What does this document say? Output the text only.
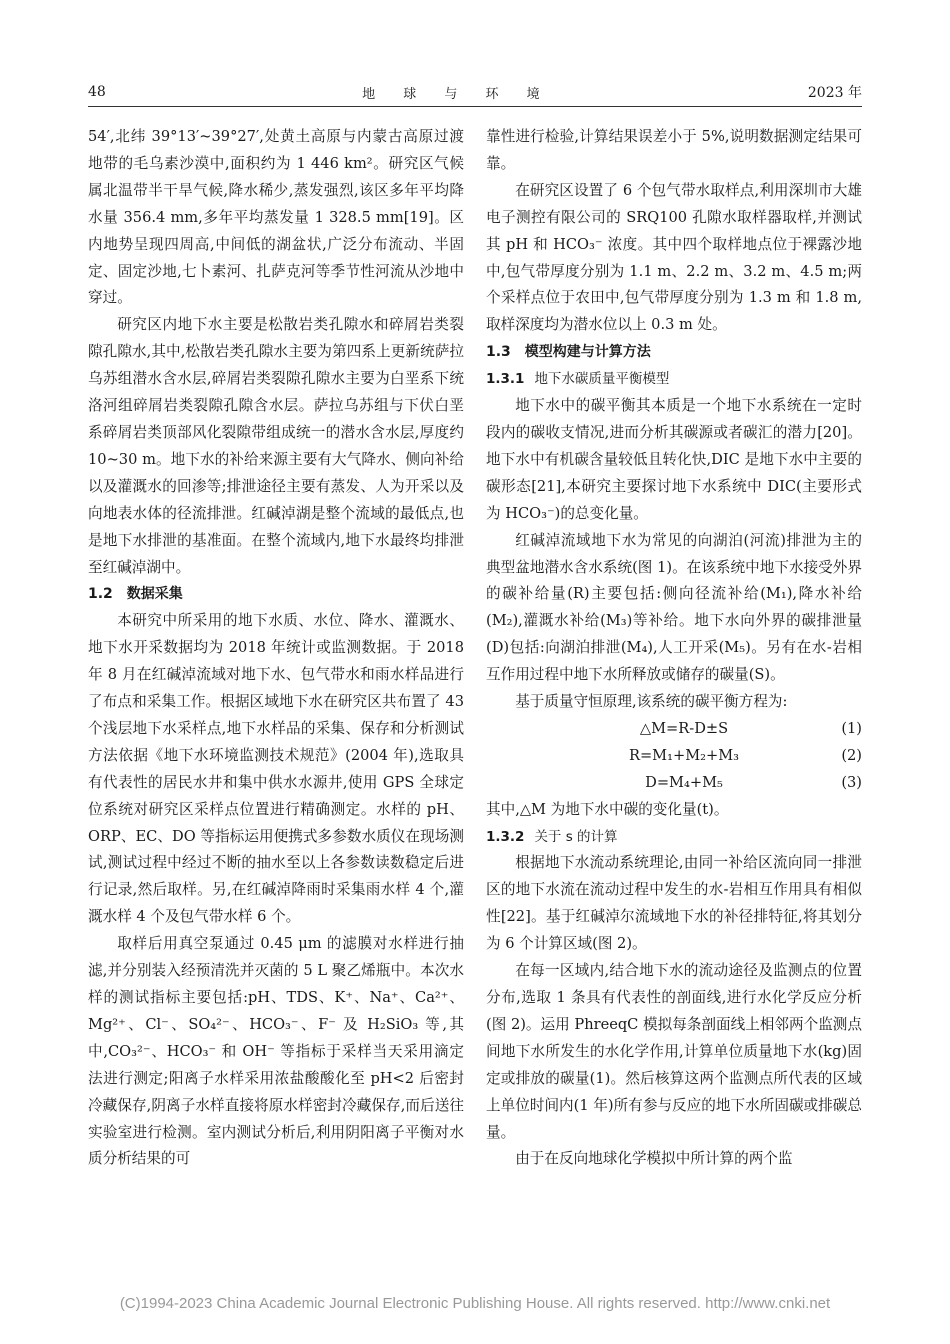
48	地 球 与 环 境	2023 年

54′,北纬 39°13′~39°27′,处黄土高原与内蒙古高原过渡地带的毛乌素沙漠中,面积约为 1 446 km²。研究区气候属北温带半干旱气候,降水稀少,蒸发强烈,该区多年平均降水量 356.4 mm,多年平均蒸发量 1 328.5 mm[19]。区内地势呈现四周高,中间低的湖盆状,广泛分布流动、半固定、固定沙地,七卜素河、扎萨克河等季节性河流从沙地中穿过。

研究区内地下水主要是松散岩类孔隙水和碎屑岩类裂隙孔隙水,其中,松散岩类孔隙水主要为第四系上更新统萨拉乌苏组潜水含水层,碎屑岩类裂隙孔隙水主要为白垩系下统洛河组碎屑岩类裂隙孔隙含水层。萨拉乌苏组与下伏白垩系碎屑岩类顶部风化裂隙带组成统一的潜水含水层,厚度约10~30 m。地下水的补给来源主要有大气降水、侧向补给以及灌溉水的回渗等;排泄途径主要有蒸发、人为开采以及向地表水体的径流排泄。红碱淖湖是整个流域的最低点,也是地下水排泄的基准面。在整个流域内,地下水最终均排泄至红碱淖湖中。

1.2　数据采集

本研究中所采用的地下水质、水位、降水、灌溉水、地下水开采数据均为 2018 年统计或监测数据。于 2018 年 8 月在红碱淖流域对地下水、包气带水和雨水样品进行了布点和采集工作。根据区域地下水在研究区共布置了 43 个浅层地下水采样点,地下水样品的采集、保存和分析测试方法依据《地下水环境监测技术规范》(2004 年),选取具有代表性的居民水井和集中供水水源井,使用 GPS 全球定位系统对研究区采样点位置进行精确测定。水样的 pH、ORP、EC、DO 等指标运用便携式多参数水质仪在现场测试,测试过程中经过不断的抽水至以上各参数读数稳定后进行记录,然后取样。另,在红碱淖降雨时采集雨水样 4 个,灌溉水样 4 个及包气带水样 6 个。

取样后用真空泵通过 0.45 μm 的滤膜对水样进行抽滤,并分别装入经预清洗并灭菌的 5 L 聚乙烯瓶中。本次水样的测试指标主要包括:pH、TDS、K⁺、Na⁺、Ca²⁺、Mg²⁺、Cl⁻、SO₄²⁻、HCO₃⁻、F⁻ 及 H₂SiO₃ 等,其中,CO₃²⁻、HCO₃⁻ 和 OH⁻ 等指标于采样当天采用滴定法进行测定;阳离子水样采用浓盐酸酸化至 pH<2 后密封冷藏保存,阴离子水样直接将原水样密封冷藏保存,而后送往实验室进行检测。室内测试分析后,利用阴阳离子平衡对水质分析结果的可

靠性进行检验,计算结果误差小于 5%,说明数据测定结果可靠。

在研究区设置了 6 个包气带水取样点,利用深圳市大雄电子测控有限公司的 SRQ100 孔隙水取样器取样,并测试其 pH 和 HCO₃⁻ 浓度。其中四个取样地点位于裸露沙地中,包气带厚度分别为 1.1 m、2.2 m、3.2 m、4.5 m;两个采样点位于农田中,包气带厚度分别为 1.3 m 和 1.8 m,取样深度均为潜水位以上 0.3 m 处。

1.3　模型构建与计算方法

1.3.1 地下水碳质量平衡模型

地下水中的碳平衡其本质是一个地下水系统在一定时段内的碳收支情况,进而分析其碳源或者碳汇的潜力[20]。地下水中有机碳含量较低且转化快,DIC 是地下水中主要的碳形态[21],本研究主要探讨地下水系统中 DIC(主要形式为 HCO₃⁻)的总变化量。

红碱淖流域地下水为常见的向湖泊(河流)排泄为主的典型盆地潜水含水系统(图 1)。在该系统中地下水接受外界的碳补给量(R)主要包括:侧向径流补给(M₁),降水补给(M₂),灌溉水补给(M₃)等补给。地下水向外界的碳排泄量(D)包括:向湖泊排泄(M₄),人工开采(M₅)。另有在水-岩相互作用过程中地下水所释放或储存的碳量(S)。

基于质量守恒原理,该系统的碳平衡方程为:

△M=R-D±S	(1)
R=M₁+M₂+M₃	(2)
D=M₄+M₅	(3)

其中,△M 为地下水中碳的变化量(t)。

1.3.2 关于 s 的计算

根据地下水流动系统理论,由同一补给区流向同一排泄区的地下水流在流动过程中发生的水-岩相互作用具有相似性[22]。基于红碱淖尔流域地下水的补径排特征,将其划分为 6 个计算区域(图 2)。

在每一区域内,结合地下水的流动途径及监测点的位置分布,选取 1 条具有代表性的剖面线,进行水化学反应分析(图 2)。运用 PhreeqC 模拟每条剖面线上相邻两个监测点间地下水所发生的水化学作用,计算单位质量地下水(kg)固定或排放的碳量(1)。然后核算这两个监测点所代表的区域上单位时间内(1 年)所有参与反应的地下水所固碳或排碳总量。

由于在反向地球化学模拟中所计算的两个监

(C)1994-2023 China Academic Journal Electronic Publishing House. All rights reserved. http://www.cnki.net
